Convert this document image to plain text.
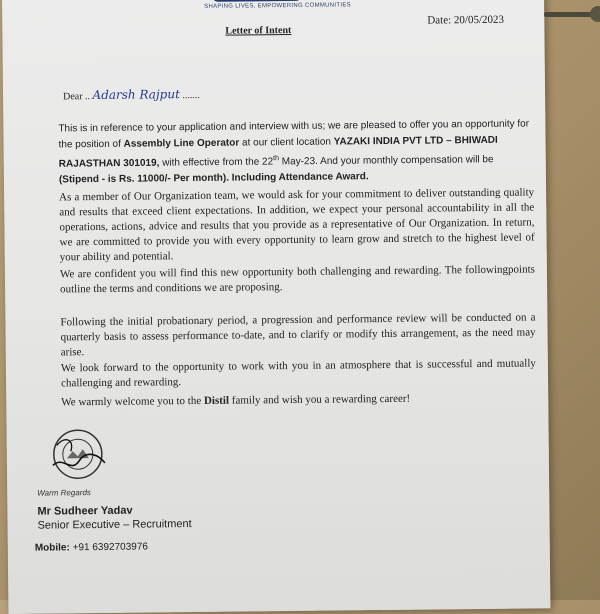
SHAPING LIVES, EMPOWERING COMMUNITIES
Date: 20/05/2023
Letter of Intent
Dear .. Adarsh Rajput .......
This is in reference to your application and interview with us; we are pleased to offer you an opportunity for the position of Assembly Line Operator at our client location YAZAKI INDIA PVT LTD – BHIWADI RAJASTHAN 301019, with effective from the 22th May-23. And your monthly compensation will be (Stipend - is Rs. 11000/- Per month). Including Attendance Award.
As a member of Our Organization team, we would ask for your commitment to deliver outstanding quality and results that exceed client expectations. In addition, we expect your personal accountability in all the operations, actions, advice and results that you provide as a representative of Our Organization. In return, we are committed to provide you with every opportunity to learn grow and stretch to the highest level of your ability and potential.
We are confident you will find this new opportunity both challenging and rewarding. The followingpoints outline the terms and conditions we are proposing.
Following the initial probationary period, a progression and performance review will be conducted on a quarterly basis to assess performance to-date, and to clarify or modify this arrangement, as the need may arise.
We look forward to the opportunity to work with you in an atmosphere that is successful and mutually challenging and rewarding.
We warmly welcome you to the Distil family and wish you a rewarding career!
Warm Regards
Mr Sudheer Yadav
Senior Executive – Recruitment
Mobile: +91 6392703976
